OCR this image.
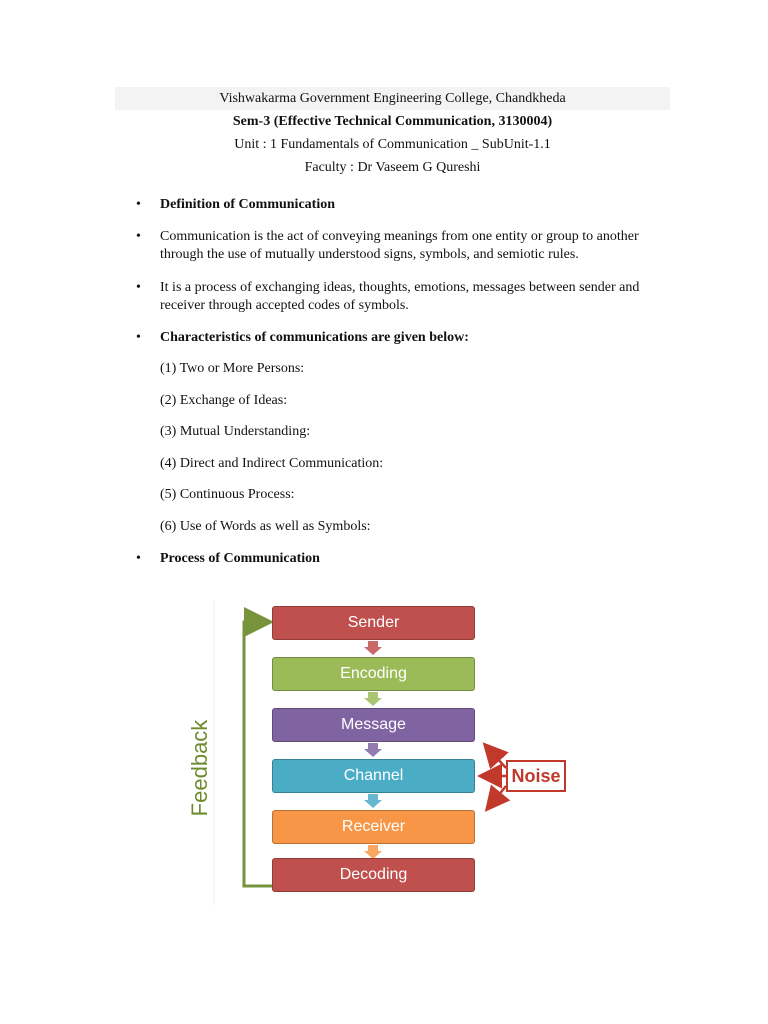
Vishwakarma Government Engineering College, Chandkheda
Sem-3 (Effective Technical Communication, 3130004)
Unit : 1 Fundamentals of Communication _ SubUnit-1.1
Faculty : Dr Vaseem G Qureshi
• Definition of Communication
• Communication is the act of conveying meanings from one entity or group to another through the use of mutually understood signs, symbols, and semiotic rules.
• It is a process of exchanging ideas, thoughts, emotions, messages between sender and receiver through accepted codes of symbols.
• Characteristics of communications are given below:
(1) Two or More Persons:
(2) Exchange of Ideas:
(3) Mutual Understanding:
(4) Direct and Indirect Communication:
(5) Continuous Process:
(6) Use of Words as well as Symbols:
• Process of Communication
Sender
Encoding
Message
Channel
Receiver
Decoding
Noise
Feedback
